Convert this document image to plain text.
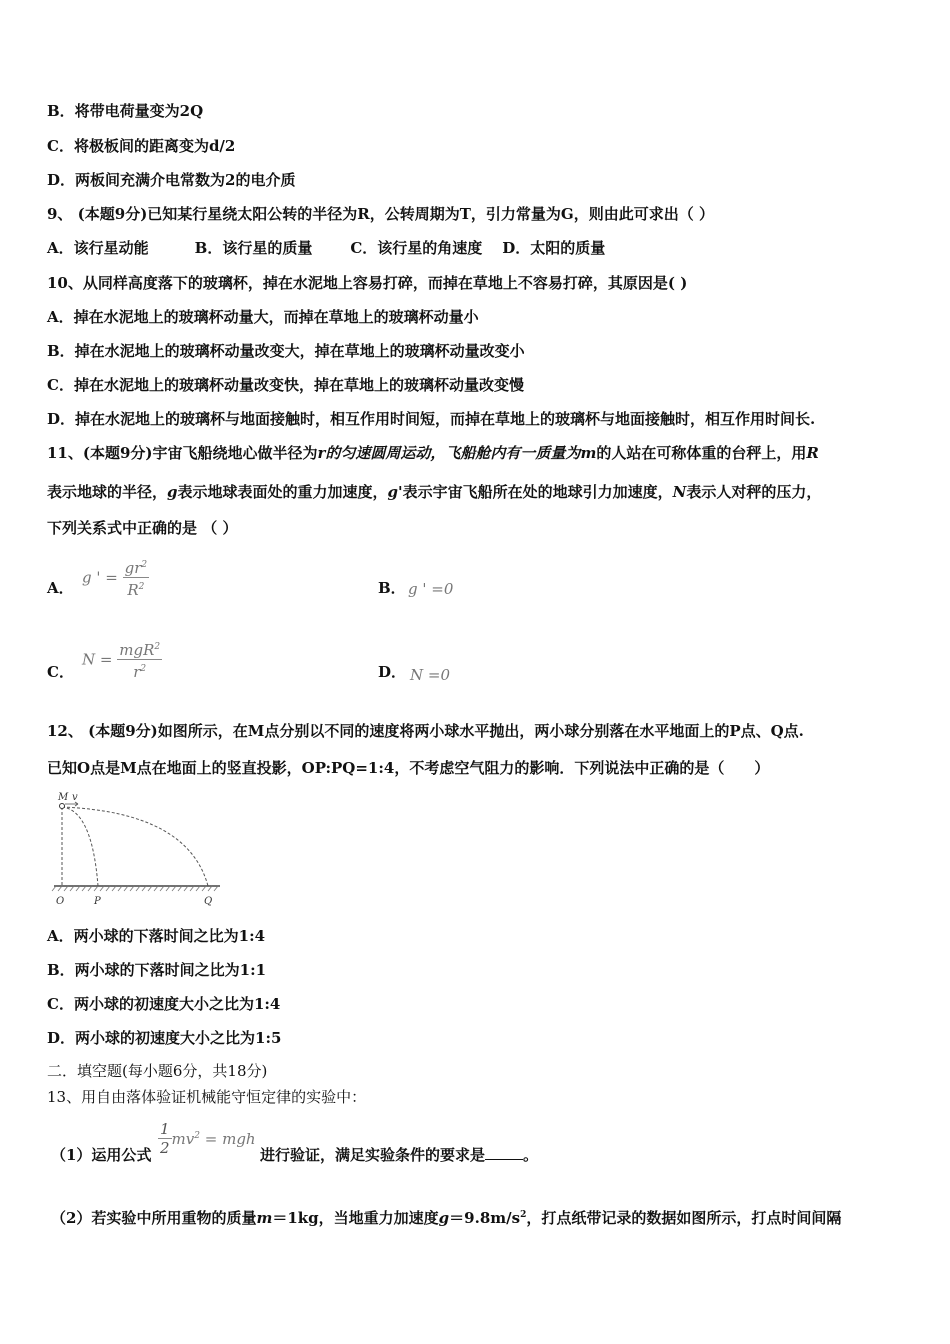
B．将带电荷量变为2Q
C．将极板间的距离变为d/2
D．两板间充满介电常数为2的电介质
9、 (本题9分)已知某行星绕太阳公转的半径为R，公转周期为T，引力常量为G，则由此可求出（ ）
A．该行星动能	B．该行星的质量	C．该行星的角速度 D．太阳的质量
10、从同样高度落下的玻璃杯，掉在水泥地上容易打碎，而掉在草地上不容易打碎，其原因是( )
A．掉在水泥地上的玻璃杯动量大，而掉在草地上的玻璃杯动量小
B．掉在水泥地上的玻璃杯动量改变大，掉在草地上的玻璃杯动量改变小
C．掉在水泥地上的玻璃杯动量改变快，掉在草地上的玻璃杯动量改变慢
D．掉在水泥地上的玻璃杯与地面接触时，相互作用时间短，而掉在草地上的玻璃杯与地面接触时，相互作用时间长.
11、(本题9分)宇宙飞船绕地心做半径为r的匀速圆周运动，飞船舱内有一质量为m的人站在可称体重的台秤上，用R
表示地球的半径，g表示地球表面处的重力加速度，g'表示宇宙飞船所在处的地球引力加速度，N表示人对秤的压力，
下列关系式中正确的是 （ ）
A．
g ' = $\frac{gr^2}{R^2}$	B． g ' =0
C．
$N = \frac{mgR^2}{r^2}$	D． N =0
12、 (本题9分)如图所示，在M点分别以不同的速度将两小球水平抛出，两小球分别落在水平地面上的P点、Q点.
已知O点是M点在地面上的竖直投影，OP:PQ=1:4，不考虑空气阻力的影响．下列说法中正确的是（　　）
M v
O	P	Q
A．两小球的下落时间之比为1:4
B．两小球的下落时间之比为1:1
C．两小球的初速度大小之比为1:4
D．两小球的初速度大小之比为1:5
二．填空题(每小题6分，共18分)
13、用自由落体验证机械能守恒定律的实验中：
（1）运用公式 $\frac{1}{2} mv^2$ = mgh
进行验证，满足实验条件的要求是	。
（2）若实验中所用重物的质量m＝1kg，当地重力加速度$g=9.8m/s^2$，打点纸带记录的数据如图所示，打点时间间隔
